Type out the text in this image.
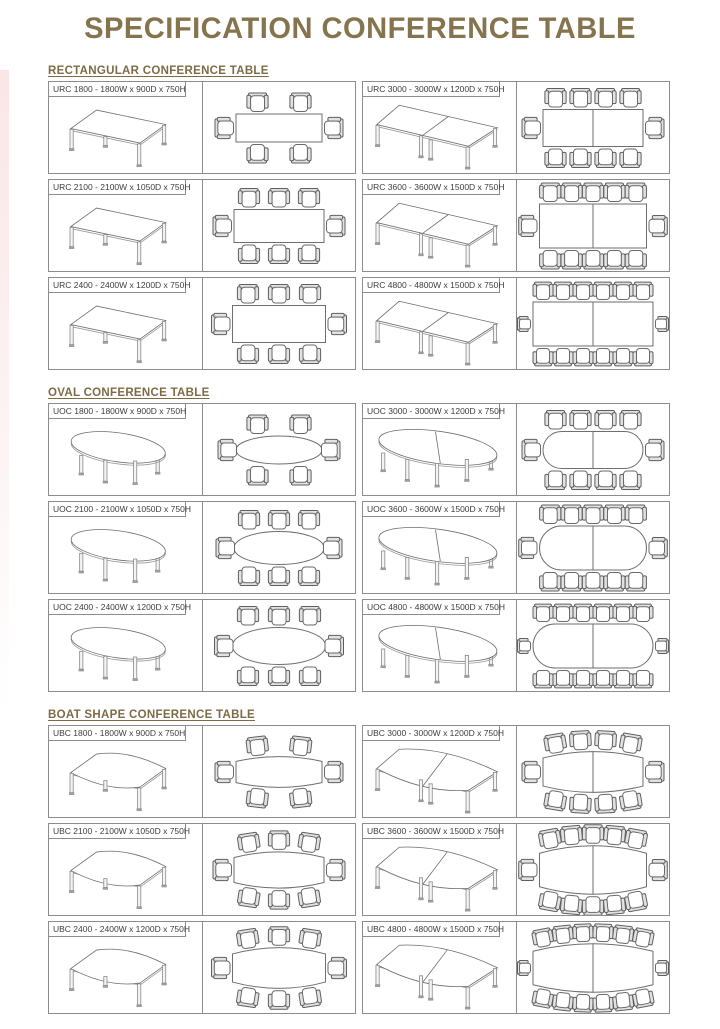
SPECIFICATION CONFERENCE TABLE
RECTANGULAR CONFERENCE TABLE
URC 1800 - 1800W x 900D x 750H	URC 3000 - 3000W x 1200D x 750H
URC 2100 - 2100W x 1050D x 750H	URC 3600 - 3600W x 1500D x 750H
URC 2400 - 2400W x 1200D x 750H	URC 4800 - 4800W x 1500D x 750H
OVAL CONFERENCE TABLE
UOC 1800 - 1800W x 900D x 750H	UOC 3000 - 3000W x 1200D x 750H
UOC 2100 - 2100W x 1050D x 750H	UOC 3600 - 3600W x 1500D x 750H
UOC 2400 - 2400W x 1200D x 750H	UOC 4800 - 4800W x 1500D x 750H
BOAT SHAPE CONFERENCE TABLE
UBC 1800 - 1800W x 900D x 750H	UBC 3000 - 3000W x 1200D x 750H
UBC 2100 - 2100W x 1050D x 750H	UBC 3600 - 3600W x 1500D x 750H
UBC 2400 - 2400W x 1200D x 750H	UBC 4800 - 4800W x 1500D x 750H
